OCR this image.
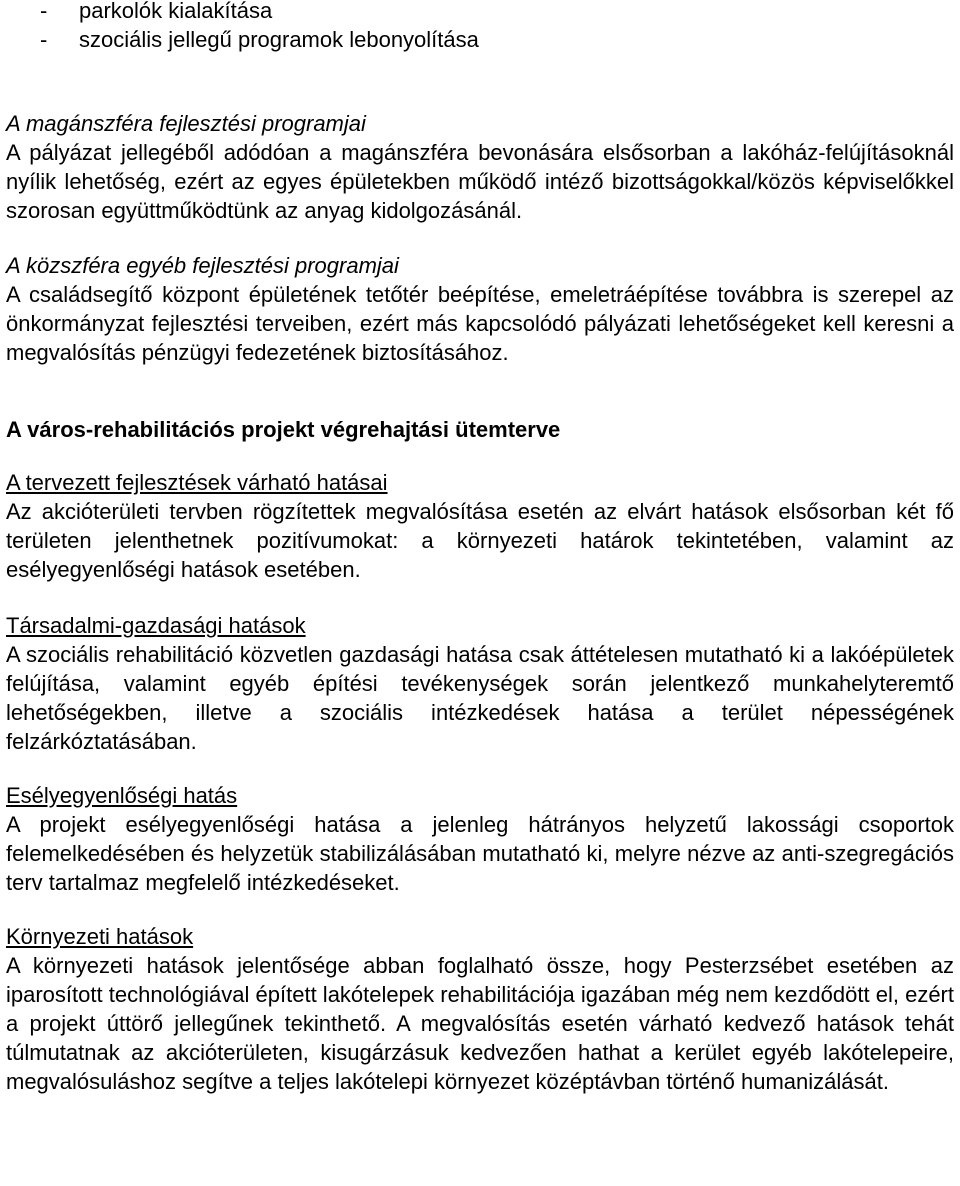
- parkolók kialakítása
- szociális jellegű programok lebonyolítása
A magánszféra fejlesztési programjai

A pályázat jellegéből adódóan a magánszféra bevonására elsősorban a lakóház-felújításoknál nyílik lehetőség, ezért az egyes épületekben működő intéző bizottságokkal/közös képviselőkkel szorosan együttműködtünk az anyag kidolgozásánál.

A közszféra egyéb fejlesztési programjai

A családsegítő központ épületének tetőtér beépítése, emeletráépítése továbbra is szerepel az önkormányzat fejlesztési terveiben, ezért más kapcsolódó pályázati lehetőségeket kell keresni a megvalósítás pénzügyi fedezetének biztosításához.

A város-rehabilitációs projekt végrehajtási ütemterve
A tervezett fejlesztések várható hatásai

Az akcióterületi tervben rögzítettek megvalósítása esetén az elvárt hatások elsősorban két fő területen jelenthetnek pozitívumokat: a környezeti határok tekintetében, valamint az esélyegyenlőségi hatások esetében.

Társadalmi-gazdasági hatások

A szociális rehabilitáció közvetlen gazdasági hatása csak áttételesen mutatható ki a lakóépületek felújítása, valamint egyéb építési tevékenységek során jelentkező munkahelyteremtő lehetőségekben, illetve a szociális intézkedések hatása a terület népességének felzárkóztatásában.

Esélyegyenlőségi hatás

A projekt esélyegyenlőségi hatása a jelenleg hátrányos helyzetű lakossági csoportok felemelkedésében és helyzetük stabilizálásában mutatható ki, melyre nézve az anti-szegregációs terv tartalmaz megfelelő intézkedéseket.

Környezeti hatások

A környezeti hatások jelentősége abban foglalható össze, hogy Pesterzsébet esetében az iparosított technológiával épített lakótelepek rehabilitációja igazában még nem kezdődött el, ezért a projekt úttörő jellegűnek tekinthető. A megvalósítás esetén várható kedvező hatások tehát túlmutatnak az akcióterületen, kisugárzásuk kedvezően hathat a kerület egyéb lakótelepeire, megvalósuláshoz segítve a teljes lakótelepi környezet középtávban történő humanizálását.
